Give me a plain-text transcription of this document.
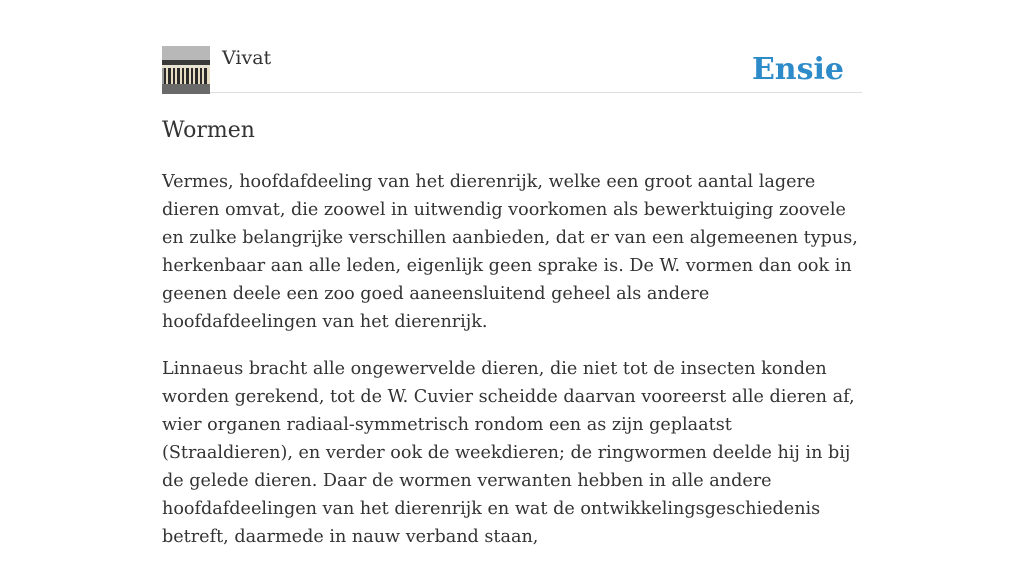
Vivat	Ensie
Wormen

Vermes, hoofdafdeeling van het dierenrijk, welke een groot aantal lagere dieren omvat, die zoowel in uitwendig voorkomen als bewerktuiging zoovele en zulke belangrijke verschillen aanbieden, dat er van een algemeenen typus, herkenbaar aan alle leden, eigenlijk geen sprake is. De W. vormen dan ook in geenen deele een zoo goed aaneensluitend geheel als andere hoofdafdeelingen van het dierenrijk.

Linnaeus bracht alle ongewervelde dieren, die niet tot de insecten konden worden gerekend, tot de W. Cuvier scheidde daarvan vooreerst alle dieren af, wier organen radiaal-symmetrisch rondom een as zijn geplaatst (Straaldieren), en verder ook de weekdieren; de ringwormen deelde hij in bij de gelede dieren. Daar de wormen verwanten hebben in alle andere hoofdafdeelingen van het dierenrijk en wat de ontwikkelingsgeschiedenis betreft, daarmede in nauw verband staan,
